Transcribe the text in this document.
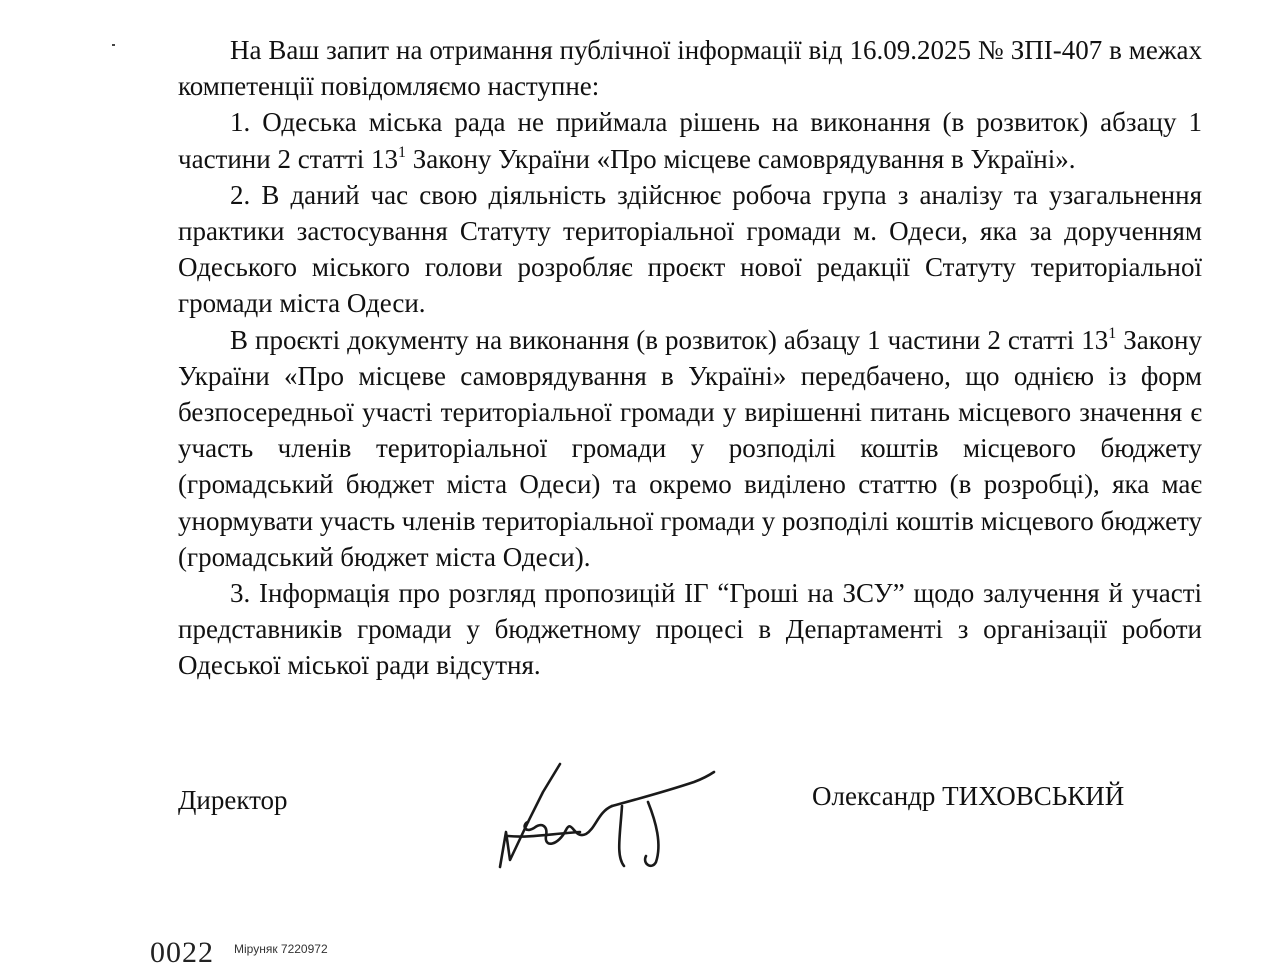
На Ваш запит на отримання публічної інформації від 16.09.2025 № ЗПІ-407 в межах компетенції повідомляємо наступне:

1. Одеська міська рада не приймала рішень на виконання (в розвиток) абзацу 1 частини 2 статті $13^1$ Закону України «Про місцеве самоврядування в Україні».

2. В даний час свою діяльність здійснює робоча група з аналізу та узагальнення практики застосування Статуту територіальної громади м. Одеси, яка за дорученням Одеського міського голови розробляє проєкт нової редакції Статуту територіальної громади міста Одеси.

В проєкті документу на виконання (в розвиток) абзацу 1 частини 2 статті $13^1$ Закону України «Про місцеве самоврядування в Україні» передбачено, що однією із форм безпосередньої участі територіальної громади у вирішенні питань місцевого значення є участь членів територіальної громади у розподілі коштів місцевого бюджету (громадський бюджет міста Одеси) та окремо виділено статтю (в розробці), яка має унормувати участь членів територіальної громади у розподілі коштів місцевого бюджету (громадський бюджет міста Одеси).

3. Інформація про розгляд пропозицій ІГ “Гроші на ЗСУ” щодо залучення й участі представників громади у бюджетному процесі в Департаменті з організації роботи Одеської міської ради відсутня.

Директор	Олександр ТИХОВСЬКИЙ
0022 Міруняк 7220972
